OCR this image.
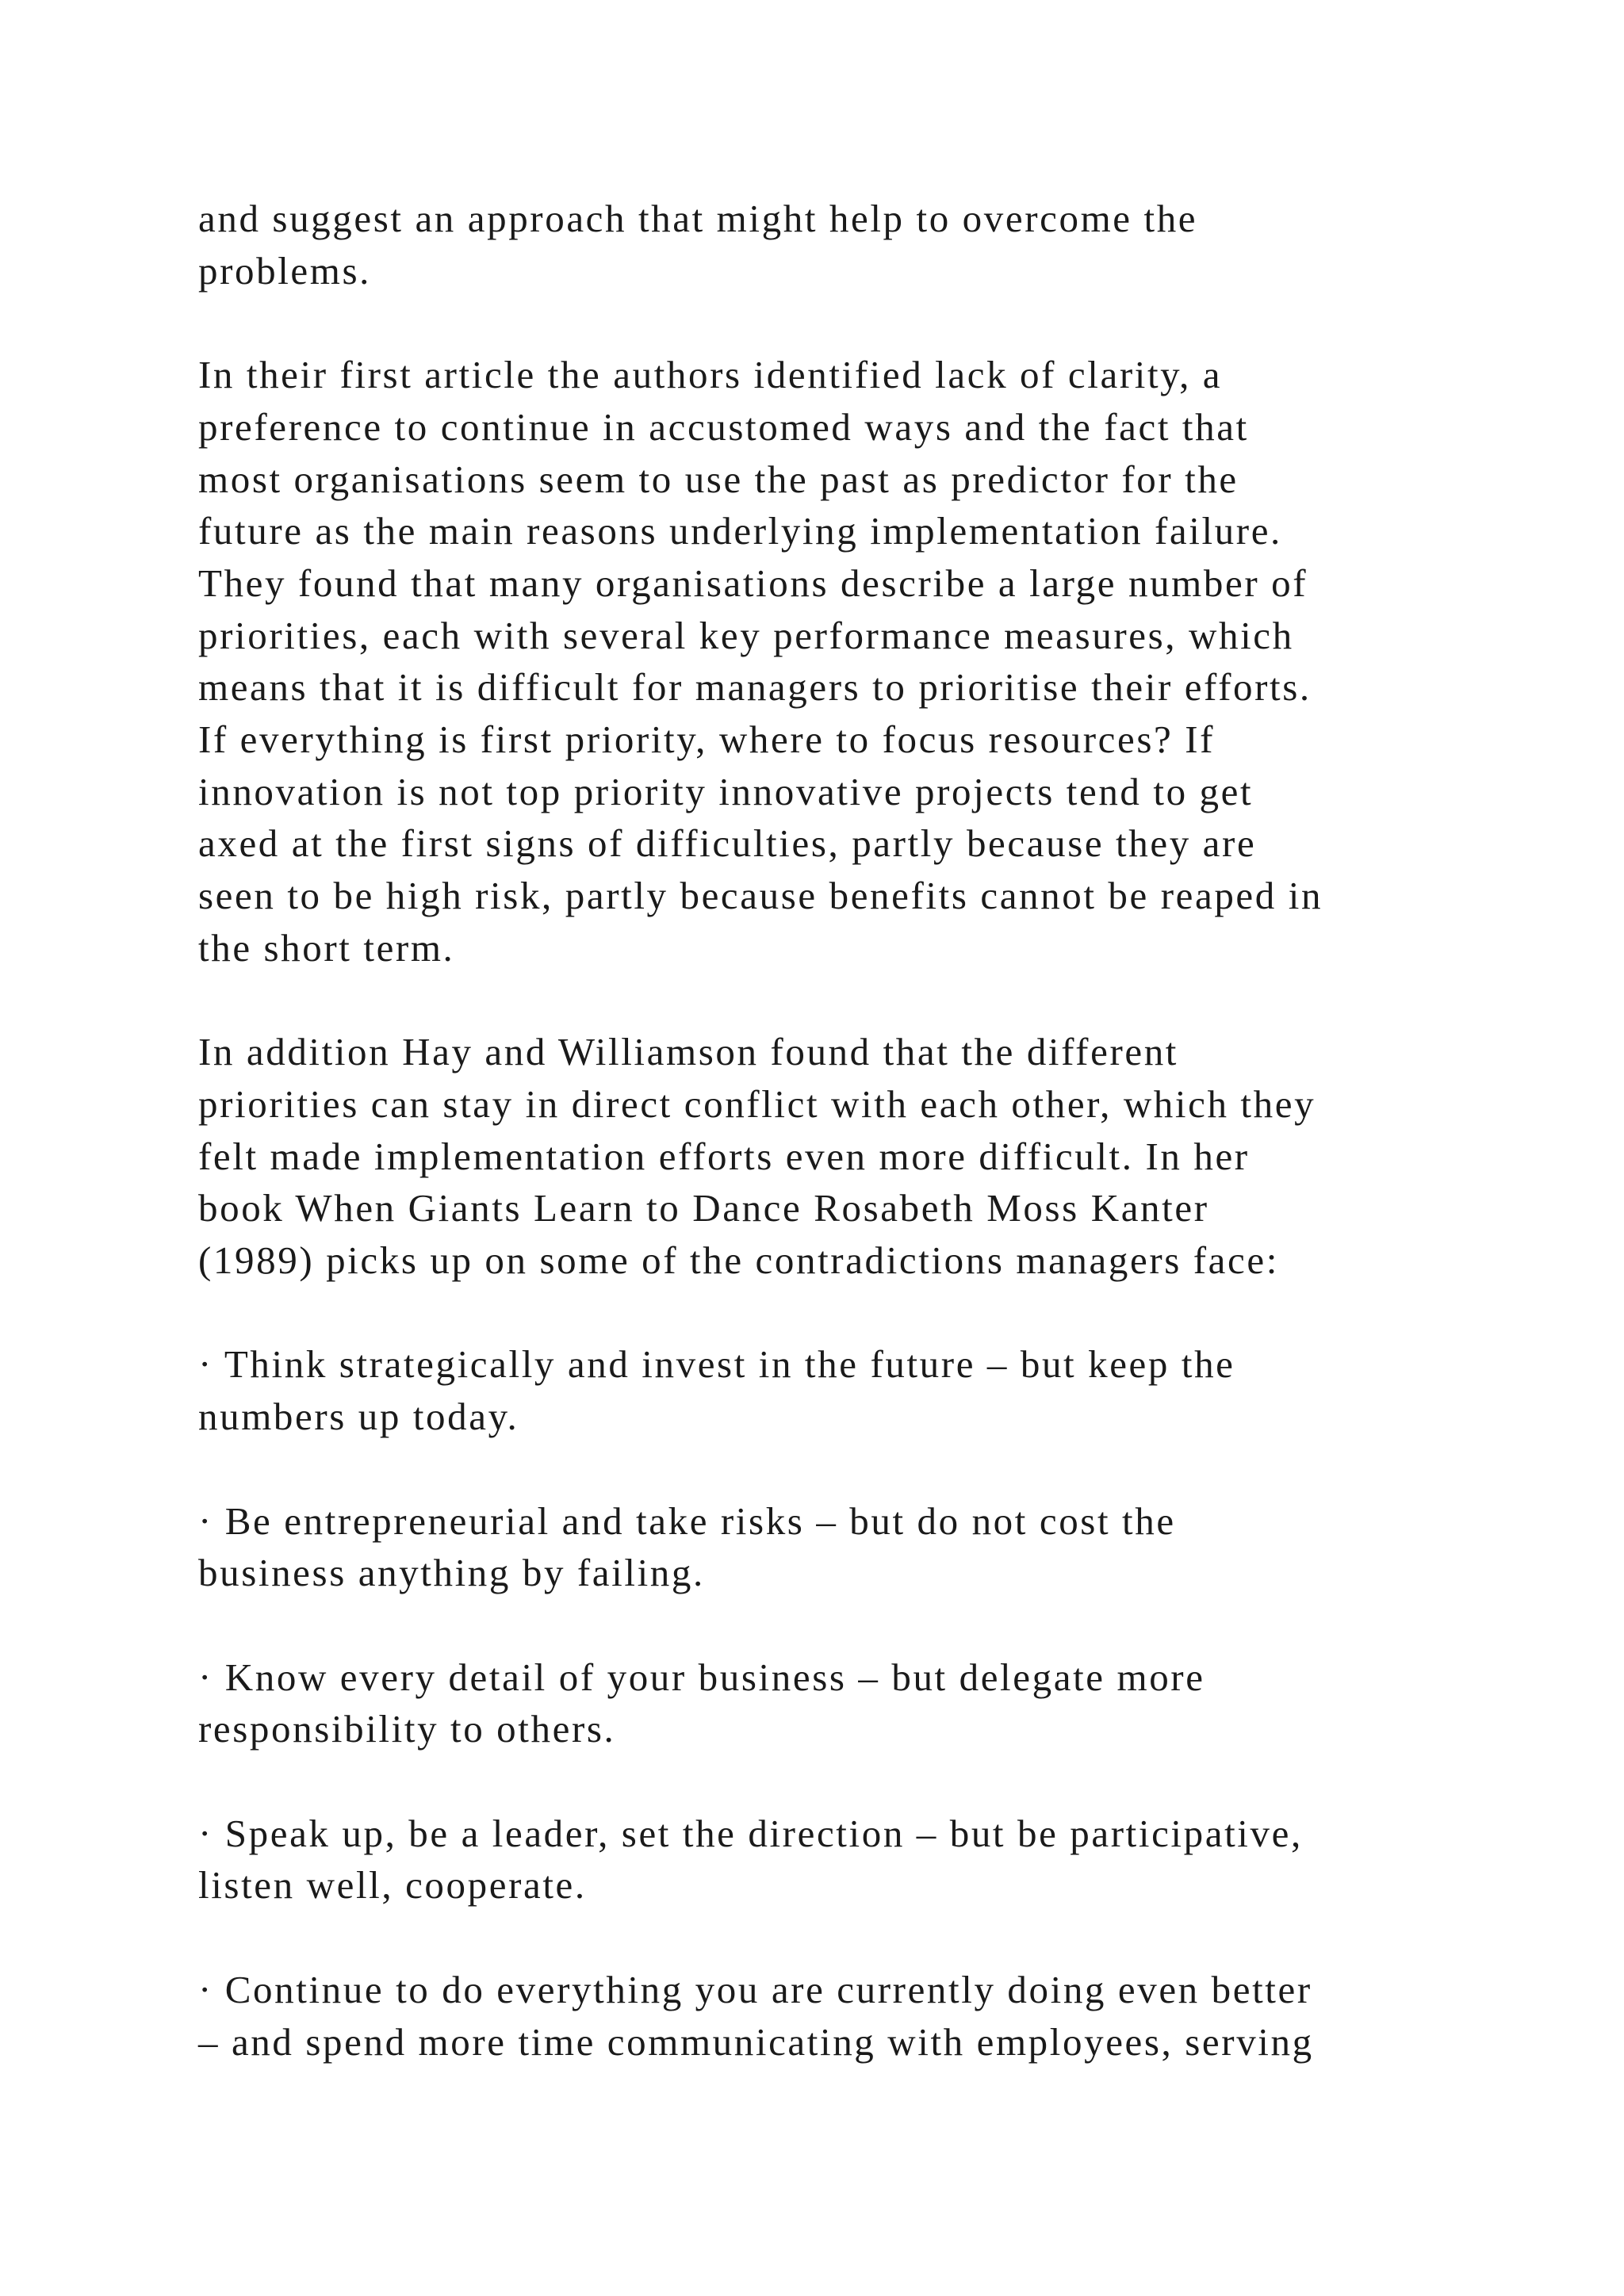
and suggest an approach that might help to overcome the
problems.

In their first article the authors identified lack of clarity, a
preference to continue in accustomed ways and the fact that
most organisations seem to use the past as predictor for the
future as the main reasons underlying implementation failure.
They found that many organisations describe a large number of
priorities, each with several key performance measures, which
means that it is difficult for managers to prioritise their efforts.
If everything is first priority, where to focus resources? If
innovation is not top priority innovative projects tend to get
axed at the first signs of difficulties, partly because they are
seen to be high risk, partly because benefits cannot be reaped in
the short term.

In addition Hay and Williamson found that the different
priorities can stay in direct conflict with each other, which they
felt made implementation efforts even more difficult. In her
book When Giants Learn to Dance Rosabeth Moss Kanter
(1989) picks up on some of the contradictions managers face:

· Think strategically and invest in the future – but keep the
numbers up today.

· Be entrepreneurial and take risks – but do not cost the
business anything by failing.

· Know every detail of your business – but delegate more
responsibility to others.

· Speak up, be a leader, set the direction – but be participative,
listen well, cooperate.

· Continue to do everything you are currently doing even better
– and spend more time communicating with employees, serving
